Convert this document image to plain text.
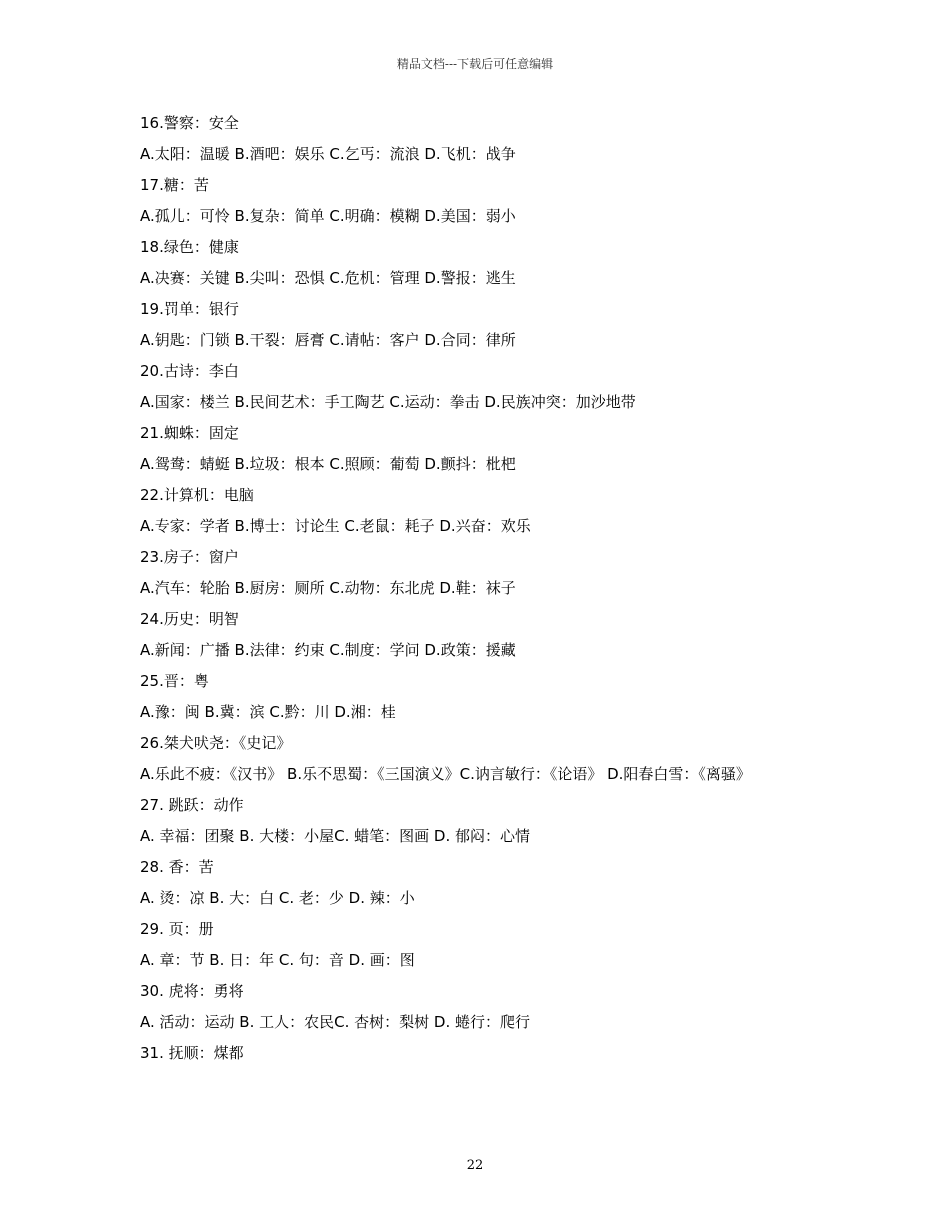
精品文档---下载后可任意编辑
16.警察：安全
A.太阳：温暖 B.酒吧：娱乐 C.乞丐：流浪 D.飞机：战争
17.糖：苦
A.孤儿：可怜 B.复杂：简单 C.明确：模糊 D.美国：弱小
18.绿色：健康
A.决赛：关键 B.尖叫：恐惧 C.危机：管理 D.警报：逃生
19.罚单：银行
A.钥匙：门锁 B.干裂：唇膏 C.请帖：客户 D.合同：律所
20.古诗：李白
A.国家：楼兰 B.民间艺术：手工陶艺 C.运动：拳击 D.民族冲突：加沙地带
21.蜘蛛：固定
A.鸳鸯：蜻蜓 B.垃圾：根本 C.照顾：葡萄 D.颤抖：枇杷
22.计算机：电脑
A.专家：学者 B.博士：讨论生 C.老鼠：耗子 D.兴奋：欢乐
23.房子：窗户
A.汽车：轮胎 B.厨房：厕所 C.动物：东北虎 D.鞋：袜子
24.历史：明智
A.新闻：广播 B.法律：约束 C.制度：学问 D.政策：援藏
25.晋：粤
A.豫：闽 B.冀：滨 C.黔：川 D.湘：桂
26.桀犬吠尧：《史记》
A.乐此不疲：《汉书》 B.乐不思蜀：《三国演义》C.讷言敏行：《论语》 D.阳春白雪：《离骚》
27. 跳跃：动作
A. 幸福：团聚 B. 大楼：小屋C. 蜡笔：图画 D. 郁闷：心情
28. 香：苦
A. 烫：凉 B. 大：白 C. 老：少 D. 辣：小
29. 页：册
A. 章：节 B. 日：年 C. 句：音 D. 画：图
30. 虎将：勇将
A. 活动：运动 B. 工人：农民C. 杏树：梨树 D. 蜷行：爬行
31. 抚顺：煤都
22
